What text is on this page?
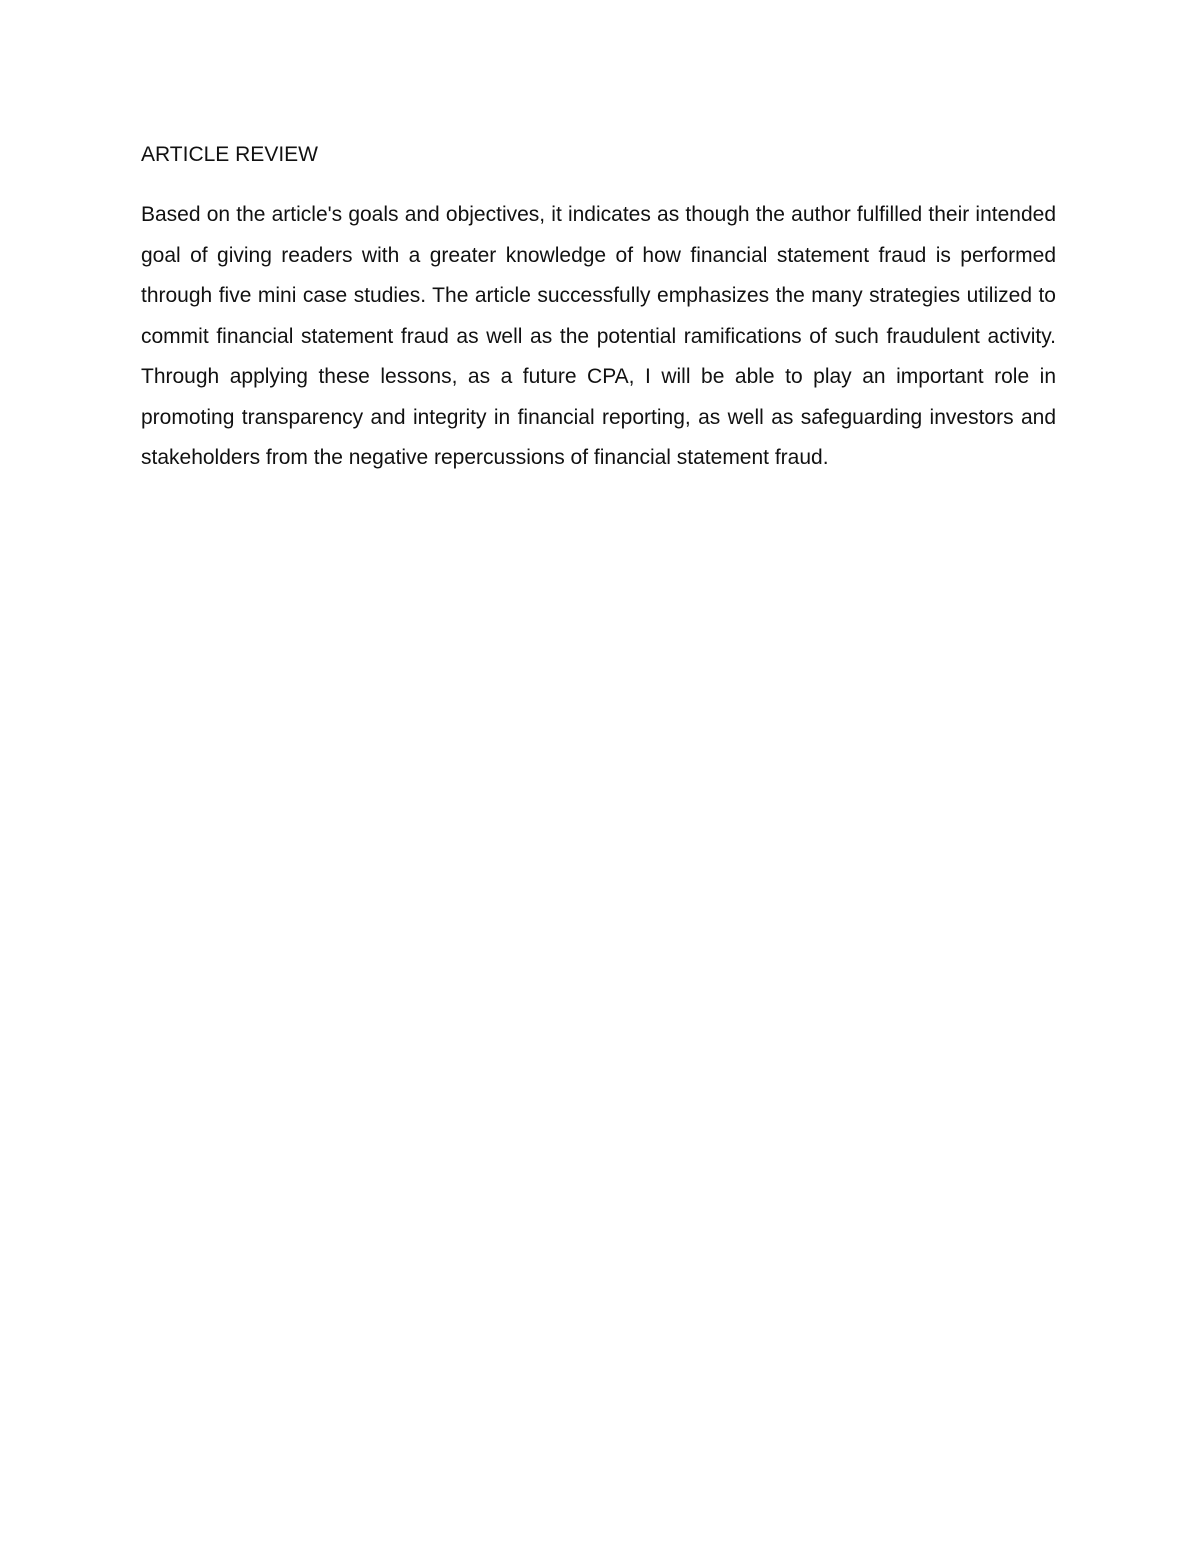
ARTICLE REVIEW

Based on the article's goals and objectives, it indicates as though the author fulfilled their intended goal of giving readers with a greater knowledge of how financial statement fraud is performed through five mini case studies. The article successfully emphasizes the many strategies utilized to commit financial statement fraud as well as the potential ramifications of such fraudulent activity. Through applying these lessons, as a future CPA, I will be able to play an important role in promoting transparency and integrity in financial reporting, as well as safeguarding investors and stakeholders from the negative repercussions of financial statement fraud.
